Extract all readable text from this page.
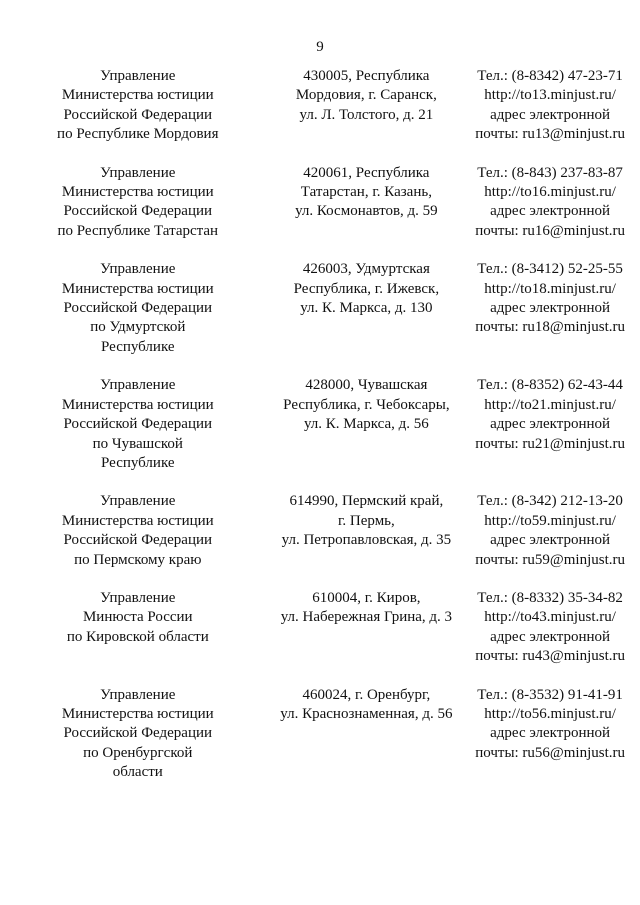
9
Управление
Министерства юстиции
Российской Федерации
по Республике Мордовия
430005, Республика
Мордовия, г. Саранск,
ул. Л. Толстого, д. 21
Тел.: (8-8342) 47-23-71
http://to13.minjust.ru/
адрес электронной
почты: ru13@minjust.ru
Управление
Министерства юстиции
Российской Федерации
по Республике Татарстан
420061, Республика
Татарстан, г. Казань,
ул. Космонавтов, д. 59
Тел.: (8-843) 237-83-87
http://to16.minjust.ru/
адрес электронной
почты: ru16@minjust.ru
Управление
Министерства юстиции
Российской Федерации
по Удмуртской
Республике
426003, Удмуртская
Республика, г. Ижевск,
ул. К. Маркса, д. 130
Тел.: (8-3412) 52-25-55
http://to18.minjust.ru/
адрес электронной
почты: ru18@minjust.ru
Управление
Министерства юстиции
Российской Федерации
по Чувашской
Республике
428000, Чувашская
Республика, г. Чебоксары,
ул. К. Маркса, д. 56
Тел.: (8-8352) 62-43-44
http://to21.minjust.ru/
адрес электронной
почты: ru21@minjust.ru
Управление
Министерства юстиции
Российской Федерации
по Пермскому краю
614990, Пермский край,
г. Пермь,
ул. Петропавловская, д. 35
Тел.: (8-342) 212-13-20
http://to59.minjust.ru/
адрес электронной
почты: ru59@minjust.ru
Управление
Минюста России
по Кировской области
610004, г. Киров,
ул. Набережная Грина, д. 3
Тел.: (8-8332) 35-34-82
http://to43.minjust.ru/
адрес электронной
почты: ru43@minjust.ru
Управление
Министерства юстиции
Российской Федерации
по Оренбургской
области
460024, г. Оренбург,
ул. Краснознаменная, д. 56
Тел.: (8-3532) 91-41-91
http://to56.minjust.ru/
адрес электронной
почты: ru56@minjust.ru
